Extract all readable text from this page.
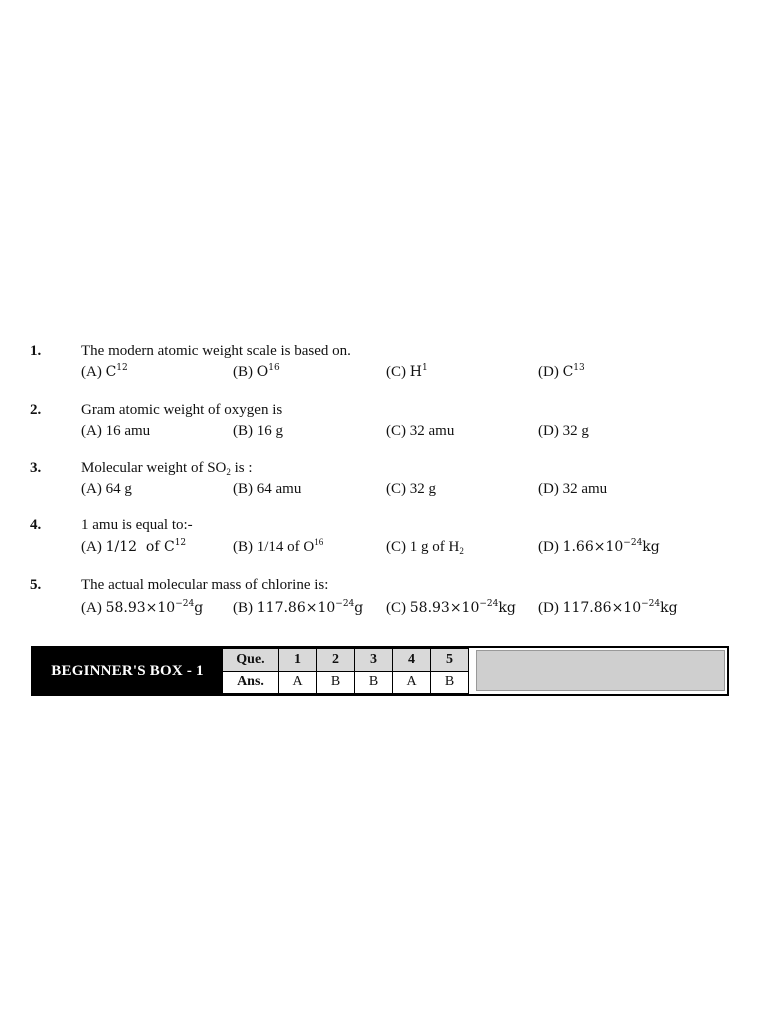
1.	The modern atomic weight scale is based on.
(A) $C^{12}$	(B) $O^{16}$	(C) $H^1$	(D) $C^{13}$
2.	Gram atomic weight of oxygen is
(A) 16 amu	(B) 16 g	(C) 32 amu	(D) 32 g
3.	Molecular weight of $SO_2$ is :
(A) 64 g	(B) 64 amu	(C) 32 g	(D) 32 amu
4.	1 amu is equal to:-
(A) 1/12  of $C^{12}$	(B) 1/14 of $O^{16}$	(C) 1 g of $H_2$	(D) $1.66\times 10^{-24}kg$
5.	The actual molecular mass of chlorine is:
(A) $58.93\times 10^{-24}g$ (B) $117.86\times 10^{-24}g$ (C) $58.93\times 10^{-24}kg$ (D) $117.86\times 10^{-24}kg$
BEGINNER'S BOX - 1
Que.	1	2	3	4	5
Ans.	A	B	B	A	B
